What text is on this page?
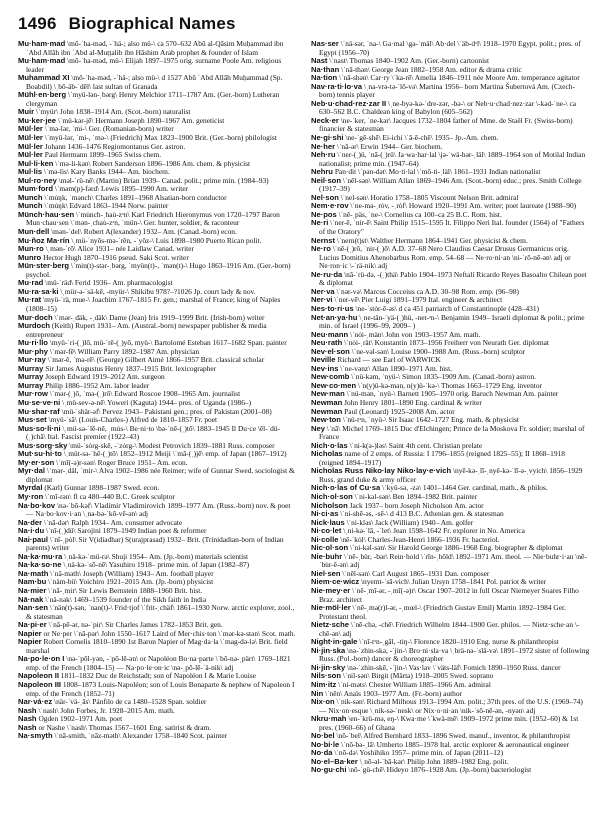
1496 Biographical Names
Mu·ham·mad \mō-ˈha-məd, -ˈhä-; also mü-\ ca 570–632 Abū al-Qāsim Muḥammad ibn ʿAbd Allāh ibn ʿAbd al-Muṭṭalib ibn Hāshim Arab prophet & founder of Islam
Mu·ham·mad \mō-ˈha-məd, mü-\ Elijah 1897–1975 orig. surname Poole Am. religious leader
Muhammad XI \mō-ˈha-məd, -ˈhä-; also mü-\ d 1527 Abū ʿAbd Allāh Muḥammad (Sp. Boabdil) \ˌbō-äb-ˈdēl\ last sultan of Granada
Mühl·en·berg \ˈmyü-lən-ˌbərg\ Henry Melchior 1711–1787 Am. (Ger.-born) Lutheran clergyman
Muir \ˈmyür\ John 1838–1914 Am. (Scot.-born) naturalist
Mu·ker·jee \ˈmü-kər-jē\ Hermann Joseph 1890–1967 Am. geneticist
Mül·ler \ˈmə-lər, ˈmi-\ Ger. (Romanian-born) writer
Mül·ler \ˈmyü-lər, ˈmi-, ˈmə-\ (Friedrich) Max 1823–1900 Brit. (Ger.-born) philologist
Mül·ler Johann 1436–1476 Regiomontanus Ger. astron.
Mül·ler Paul Hermann 1899–1965 Swiss chem.
Mul·li·ken \ˈmə-li-kən\ Robert Sanderson 1896–1986 Am. chem. & physicist
Mul·lis \ˈmə-lis\ Kary Banks 1944– Am. biochem.
Mul·ro·ney \məl-ˈrü-nē\ (Martin) Brian 1939– Canad. polit.; prime min. (1984–93)
Mum·ford \ˈməm(p)-fərd\ Lewis 1895–1990 Am. writer
Munch \ˈmu̇ŋk, ˈmənch\ Charles 1891–1968 Alsatian-born conductor
Munch \ˈmu̇ŋk\ Edvard 1863–1944 Norw. painter
Münch·hau·sen \ˈmu̇nch-ˌhau̇-zᵊn\ Karl Friedrich Hieronymus von 1720–1797 Baron Mun·chau·sen \ˈmən-ˌchau̇-zᵊn, ˈmün-\ Ger. hunter, soldier, & raconteur
Mun·dell \mən-ˈdel\ Robert A(lexander) 1932– Am. (Canad.-born) econ.
Mu·ñoz Ma·rín \ˌmü-ˈnyōs-mə-ˈrēn, -ˈyōz-\ Luis 1898–1980 Puerto Rican polit.
Mun·ro \ˌmən-ˈrō\ Alice 1931– née Laidlaw Canad. writer
Munro Hector Hugh 1870–1916 pseud. Saki Scot. writer
Mün·ster·berg \ˈmin(t)-stər-ˌbərg, ˈmyün(t)-, ˈmən(t)-\ Hugo 1863–1916 Am. (Ger.-born) psychol.
Mu·rad \mü-ˈräd\ Ferid 1936– Am. pharmacologist
Mu·ra·sa·ki \ˌmür-ə-ˈsä-kē, -myür-\ Shikibu 978?–?1026 Jp. court lady & nov.
Mu·rat \myü-ˈrä, mue-\ Joachim 1767–1815 Fr. gen.; marshal of France; king of Naples (1808–15)
Mur·doch \ˈmər-ˌdäk, -ˌdäk\ Dame (Jean) Iris 1919–1999 Brit. (Irish-born) writer
Murdoch (Keith) Rupert 1931– Am. (Austral.-born) newspaper publisher & media entrepreneur
Mu·ri·llo \myü-ˈri-(ˌ)lō, mü-ˈrē-(ˌ)yō, myü-\ Bartolomé Esteban 1617–1682 Span. painter
Mur·phy \ˈmər-fē\ William Parry 1892–1987 Am. physician
Mur·ray \ˈmər-ē, ˈmə-rē\ (George) Gilbert Aimé 1866–1957 Brit. classical scholar
Murray Sir James Augustus Henry 1837–1915 Brit. lexicographer
Murray Joseph Edward 1919–2012 Am. surgeon
Murray Philip 1886–1952 Am. labor leader
Mur·row \ˈmər-(ˌ)ō, ˈmə-(ˌ)rō\ Edward Roscoe 1908–1965 Am. journalist
Mu·se·ve·ni \ˌmü-sev-ə-nē\ Yoweri (Kaguta) 1944– pres. of Uganda (1986–)
Mu·shar·raf \mü-ˈshär-əf\ Pervez 1943– Pakistani gen.; pres. of Pakistan (2001–08)
Mus·set \myü-ˈsā\ (Louis-Charles-) Alfred de 1810–1857 Fr. poet
Mus·so·li·ni \ˌmü-sə-ˈlē-nē, ˌmu̇s-\ Be·ni·to \bə-ˈnē-(ˌ)tō\ 1883–1945 Il Du·ce \ēl-ˈdü-(ˌ)chā\ Ital. Fascist premier (1922–43)
Mus·sorg·sky \mü-ˈsȯrg-skē, -ˈzȯrg-\ Modest Petrovich 1839–1881 Russ. composer
Mut·su·hi·to \ˌmüt-sə-ˈhē-(ˌ)tō\ 1852–1912 Meiji \ˈmā-(ˌ)jē\ emp. of Japan (1867–1912)
My·er·son \ˈmī(-ə)r-sən\ Roger Bruce 1951– Am. econ.
Myr·dal \ˈmər-ˌdäl, ˈmir-\ Alva 1902–1986 née Reimer; wife of Gunnar Swed. sociologist & diplomat
Myrdal (Karl) Gunnar 1898–1987 Swed. econ.
My·ron \ˈmī-rən\ fl ca 480–440 B.C. Greek sculptor
Na·bo·kov \nə-ˈbō-kəf\ Vladimir Vladimirovich 1899–1977 Am. (Russ.-born) nov. & poet — Na·bo·kov·i·an \ˌna-bə-ˈkō-vē-ən\ adj
Na·der \ˈnā-dər\ Ralph 1934– Am. consumer advocate
Na·i·du \ˈnī-(ˌ)dü\ Sarojini 1879–1949 Indian poet & reformer
Nai·paul \ˈnī-ˌpȯl\ Sir V(idiadhar) S(urajprasad) 1932– Brit. (Trinidadian-born of Indian parents) writer
Na·ka·mu·ra \ˌnä-kə-ˈmü-rə\ Shuji 1954– Am. (Jp.-born) materials scientist
Na·ka·so·ne \ˌnä-kə-ˈsō-nē\ Yasuhiro 1918– prime min. of Japan (1982–87)
Na·math \ˈnā-məth\ Joseph (William) 1943– Am. football player
Nam·bu \ˈnäm-bü\ Yoichiro 1921–2015 Am. (Jp.-born) physicist
Na·mier \ˈnā-ˌmir\ Sir Lewis Bernstein 1888–1960 Brit. hist.
Nā·nak \ˈnä-nək\ 1469–1539 founder of the Sikh faith in India
Nan·sen \ˈnän(t)-sən, ˈnan(t)-\ Frid·tjof \ˈfrit-ˌchäf\ 1861–1930 Norw. arctic explorer, zool., & statesman
Na·pi·er \ˈnā-pē-ər, nə-ˈpir\ Sir Charles James 1782–1853 Brit. gen.
Napier or Ne·per \ˈnā-pər\ John 1550–1617 Laird of Mer·chis·ton \ˈmər-kə-stən\ Scot. math.
Napier Robert Cornelis 1810–1890 1st Baron Napier of Mag·da·la \ˈmag-də-lə\ Brit. field marshal
Na·po·le·on I \nə-ˈpōl-yən, -ˈpō-lē-ən\ or Napoléon Bo·na·parte \ˈbō-nə-ˌpärt\ 1769–1821 emp. of the French (1804–15) — Na·po·le·on·ic \nə-ˌpō-lē-ˈä-nik\ adj
Napoleon II 1811–1832 Duc de Reichstadt; son of Napoléon I & Marie Louise
Napoleon III 1808–1873 Louis-Napoléon; son of Louis Bonaparte & nephew of Napoleon I emp. of the French (1852–71)
Nar·vá·ez \när-ˈvä-ˌās\ Pánfilo de ca 1480–1528 Span. soldier
Nash \ˈnash\ John Forbes, Jr. 1928–2015 Am. math.
Nash Ogden 1902–1971 Am. poet
Nash or Nashe \ˈnash\ Thomas 1567–1601 Eng. satirist & dram.
Na·smyth \ˈnā-smith, ˈnāz-məth\ Alexander 1758–1840 Scot. painter
Nas·ser \ˈnä-sər, ˈna-\ Ga·mal \gə-ˈmäl\ Ab·del \ˈäb-dᵊl\ 1918–1970 Egypt. polit.; pres. of Egypt (1956–70)
Nast \ˈnast\ Thomas 1840–1902 Am. (Ger.-born) cartoonist
Na·than \ˈnā-thən\ George Jean 1882–1958 Am. editor & drama critic
Na·tion \ˈnā-shən\ Car·ry \ˈka-rē\ Amelia 1846–1911 née Moore Am. temperance agitator
Nav·ra·ti·lo·va \ˌna-vrə-tə-ˈlō-və\ Martina 1956– born Martina Šubertová Am. (Czech-born) tennis player
Neb·u·chad·rez·zar II \ˌne-byə-kə-ˈdre-zər, -bə-\ or Neb·u·chad·nez·zar \-kəd-ˈne-\ ca 630–562 B.C. Chaldean king of Babylon (605–562)
Neck·er \ne-ˈker, ˈne-kər\ Jacques 1732–1804 father of Mme. de Staël Fr. (Swiss-born) financier & statesman
Ne·gi·shi \ne-ˈgē-shē\ Ei-ichi \ˈā-ē-chē\ 1935– Jp.-Am. chem.
Ne·her \ˈnā-ər\ Erwin 1944– Ger. biochem.
Neh·ru \ˈner-(ˌ)ü, ˈnā-(ˌ)rü\ Ja·wa·har·lal \jə-ˈwä-hər-ˌläl\ 1889–1964 son of Motilal Indian nationalist; prime min. (1947–64)
Nehru Pan·dit \ˈpən-dət\ Mo·ti·lal \ˈmō-ti-ˌläl\ 1861–1931 Indian nationalist
Neil·son \ˈnēl-sən\ William Allan 1869–1946 Am. (Scot.-born) educ.; pres. Smith College (1917–39)
Nel·son \ˈnel-sən\ Horatio 1758–1805 Viscount Nelson Brit. admiral
Nem·e·rov \ˈne-mə-ˌrȯv, -ˌrȯf\ Howard 1920–1991 Am. writer; poet laureate (1988–90)
Ne·pos \ˈnē-ˌpäs, ˈne-\ Cornelius ca 100–ca 25 B.C. Rom. hist.
Ne·ri \ˈner-ē, ˈnir-ē\ Saint Philip 1515–1595 It. Filippo Neri Ital. founder (1564) of "Fathers of the Oratory"
Nernst \ˈnern(t)st\ Walther Hermann 1864–1941 Ger. physicist & chem.
Ne·ro \ˈnē-(ˌ)rō, ˈnir-(ˌ)ō\ A.D. 37–68 Nero Claudius Caesar Drusus Germanicus orig. Lucius Domitius Ahenobarbus Rom. emp. 54–68 — Ne·ro·ni·an \ni-ˈrō-nē-ən\ adj or Ne·ron·ic \-ˈrä-nik\ adj
Ne·ru·da \nā-ˈrü-də, -(ˌ)thä\ Pablo 1904–1973 Neftalí Ricardo Reyes Basoalto Chilean poet & diplomat
Ner·va \ˈnər-və\ Marcus Cocceius ca A.D. 30–98 Rom. emp. (96–98)
Ner·vi \ˈner-vē\ Pier Luigi 1891–1979 Ital. engineer & architect
Nes·to·ri·us \ne-ˈstȯr-ē-əs\ d ca 451 patriarch of Constantinople (428–431)
Net·an·ya·hu \ˌne-tän-ˈyä-(ˌ)hü, -net-ᵊn-\ Benjamin 1949– Israeli diplomat & polit.; prime min. of Israel (1996–99, 2009– )
Neu·mann \ˈnȯi-ˌmän\ John von 1903–1957 Am. math.
Neu·rath \ˈnȯi-ˌrät\ Konstantin 1873–1956 Freiherr von Neurath Ger. diplomat
Nev·el·son \ˈne-vəl-sən\ Louise 1900–1988 Am. (Russ.-born) sculptor
Neville Richard — see Earl of WARWICK
Nev·ins \ˈne-vənz\ Allan 1890–1971 Am. hist.
New·comb \ˈnü-kəm, ˈnyü-\ Simon 1835–1909 Am. (Canad.-born) astron.
New·co·men \ˈn(y)ü-kə-mən, n(y)ü-ˈkə-\ Thomas 1663–1729 Eng. inventor
New·man \ˈnü-mən, ˈnyü-\ Barnett 1905–1970 orig. Baruch Newman Am. painter
Newman John Henry 1801–1890 Eng. cardinal & writer
Newman Paul (Leonard) 1925–2008 Am. actor
New·ton \ˈnü-tᵊn, ˈnyü-\ Sir Isaac 1642–1727 Eng. math. & physicist
Ney \ˈnā\ Michel 1769–1815 Duc d'Elchingen; Prince de la Moskova Fr. soldier; marshal of France
Nich·o·las \ˈni-k(ə-)ləs\ Saint 4th cent. Christian prelate
Nicholas name of 2 emps. of Russia: I 1796–1855 (reigned 1825–55); II 1868–1918 (reigned 1894–1917)
Nicholas Russ Niko·lay Niko·lay·e·vich \nyē-kə-ˌlī-ˌnyē-kə-ˈlī-ə-ˌvyich\ 1856–1929 Russ. grand duke & army officer
Nich·o·las of Cu·sa \ˈkyü-sə, -zə\ 1401–1464 Ger. cardinal, math., & philos.
Nich·ol·son \ˈni-kəl-sən\ Ben 1894–1982 Brit. painter
Nicholson Jack 1937– born Joseph Nicholson Am. actor
Ni·ci·as \ˈni-shē-əs, -sē-\ d 413 B.C. Athenian gen. & statesman
Nick·laus \ˈni-kləs\ Jack (William) 1940– Am. golfer
Ni·co·let \ˌni-kə-ˈlā, -ˈlet\ Jean 1598–1642 Fr. explorer in No. America
Ni·colle \nē-ˈkȯl\ Charles-Jean-Henri 1866–1936 Fr. bacteriol.
Nic·ol·son \ˈni-kəl-sən\ Sir Harold George 1886–1968 Eng. biographer & diplomat
Nie·buhr \ˈnē-ˌbür, -bər\ Rein·hold \ˈrīn-ˌhōld\ 1892–1971 Am. theol. — Nie·buhr·i·an \nē-ˈbu̇r-ē-ən\ adj
Niel·sen \ˈnēl-sən\ Carl August 1865–1931 Dan. composer
Niem·ce·wicz \nyemt-ˈsā-vich\ Julian Ursyn 1758–1841 Pol. patriot & writer
Nie·mey·er \ˈnē-ˌmī-ər, -ˌmī(-ə)r\ Oscar 1907–2012 in full Oscar Niemeyer Soares Filho Braz. architect
Nie·möl·ler \ˈnē-ˌmə(r)l-ər, -ˌmœl-\ (Friedrich Gustav Emil) Martin 1892–1984 Ger. Protestant theol.
Nietz·sche \ˈnē-chə, -chē\ Friedrich Wilhelm 1844–1900 Ger. philos. — Nietz·sche·an \-chē-ən\ adj
Night·in·gale \ˈnī-tᵊn-ˌgāl, -tiŋ-\ Florence 1820–1910 Eng. nurse & philanthropist
Ni·jin·ska \nə-ˈzhin-skə, -ˈjin-\ Bro·ni·sla·va \ˌbrä-nə-ˈslä-və\ 1891–1972 sister of following Russ. (Pol.-born) dancer & choreographer
Ni·jin·sky \nə-ˈzhin-skē, -ˈjin-\ Vas·lav \ˈväts-läf\ Fomich 1890–1950 Russ. dancer
Nils·son \ˈnil-sən\ Birgit (Märta) 1918–2005 Swed. soprano
Nim·itz \ˈni-məts\ Chester William 1885–1966 Am. admiral
Nin \ˈnēn\ Anaïs 1903–1977 Am. (Fr.-born) author
Nix·on \ˈnik-sən\ Richard Milhous 1913–1994 Am. polit.; 37th pres. of the U.S. (1969–74) — Nix·on·esque \ˌnik-sə-ˈnesk\ or Nix·o·ni·an \nik-ˈsō-nē-ən, -nyən\ adj
Nkru·mah \en-ˈkrü-mə, eŋ-\ Kwa·me \ˈkwä-mē\ 1909–1972 prime min. (1952–60) & 1st pres. (1960–66) of Ghana
No·bel \nō-ˈbel\ Alfred Bernhard 1833–1896 Swed. manuf., inventor, & philanthropist
No·bi·le \ˈnō-bə-ˌlā\ Umberto 1885–1978 Ital. arctic explorer & aeronautical engineer
No·da \ˈnō-də\ Yoshihiko 1957– prime min. of Japan (2011–12)
No·el–Ba·ker \ˌnō-əl-ˈbā-kər\ Philip John 1889–1982 Eng. polit.
No·gu·chi \nō-ˈgü-chē\ Hideyo 1876–1928 Am. (Jp.-born) bacteriologist
